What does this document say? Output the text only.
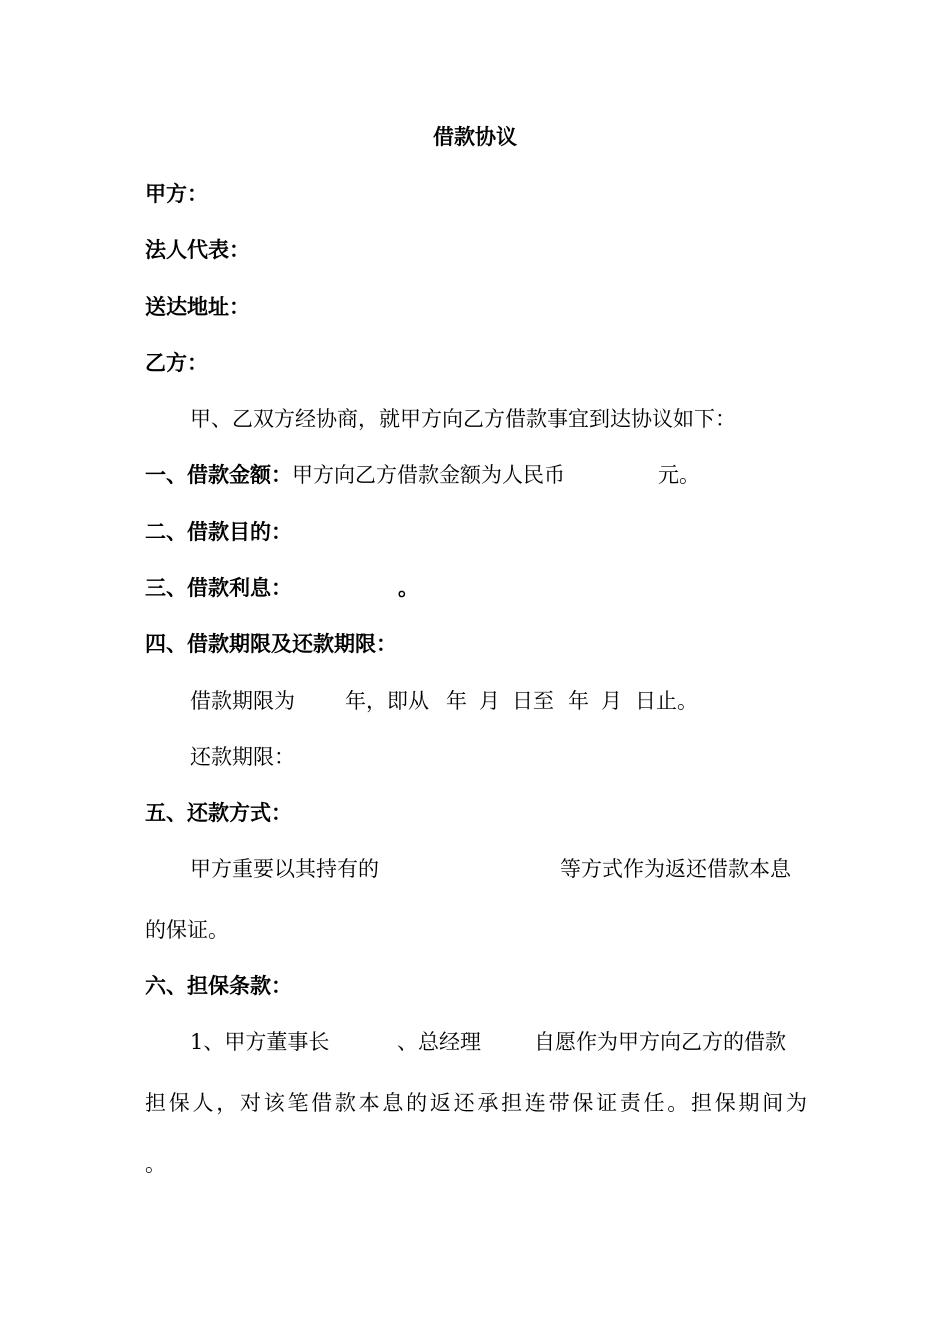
借款协议
甲方：
法人代表：
送达地址：
乙方：
甲、乙双方经协商，就甲方向乙方借款事宜到达协议如下：
一、借款金额：甲方向乙方借款金额为人民币	元。
二、借款目的：
三、借款利息：	。
四、借款期限及还款期限：
借款期限为 年，即从 年 月 日至 年 月 日止。
还款期限：
五、还款方式：
甲方重要以其持有的	等方式作为返还借款本息
的保证。
六、担保条款：
1、甲方董事长	、总经理	自愿作为甲方向乙方的借款
担保人，对该笔借款本息的返还承担连带保证责任。担保期间为
。
